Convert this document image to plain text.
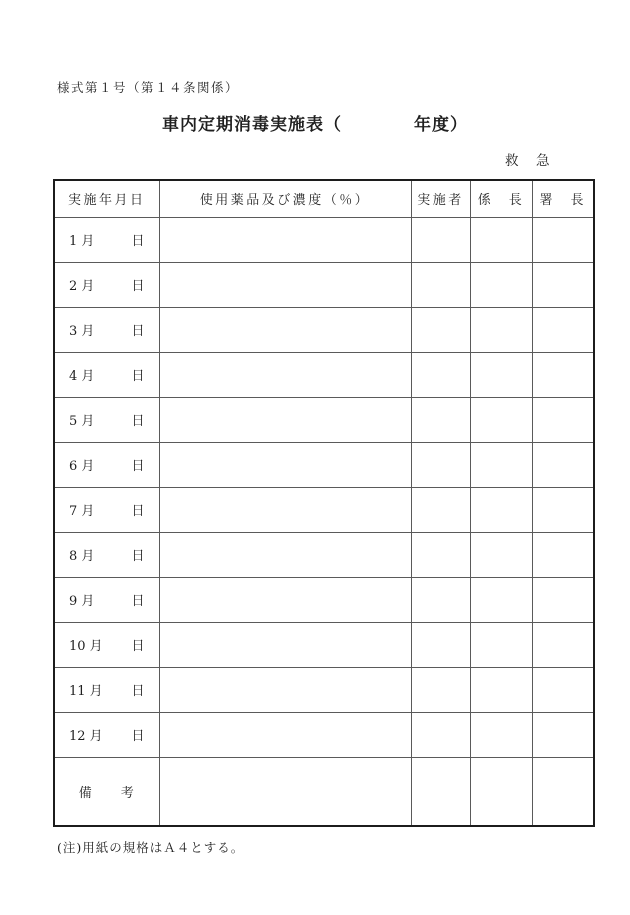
様式第１号（第１４条関係）
車内定期消毒実施表（　　　　年度）
救　急
実施年月日	使用薬品及び濃度（％）	実施者	係　長	署　長

1 月 日				

2 月 日				

3 月 日				

4 月 日				

5 月 日				

6 月 日				

7 月 日				

8 月 日				

9 月 日				

10 月 日				

11 月 日				

12 月 日				

備　　考				
(注)用紙の規格はＡ４とする。
